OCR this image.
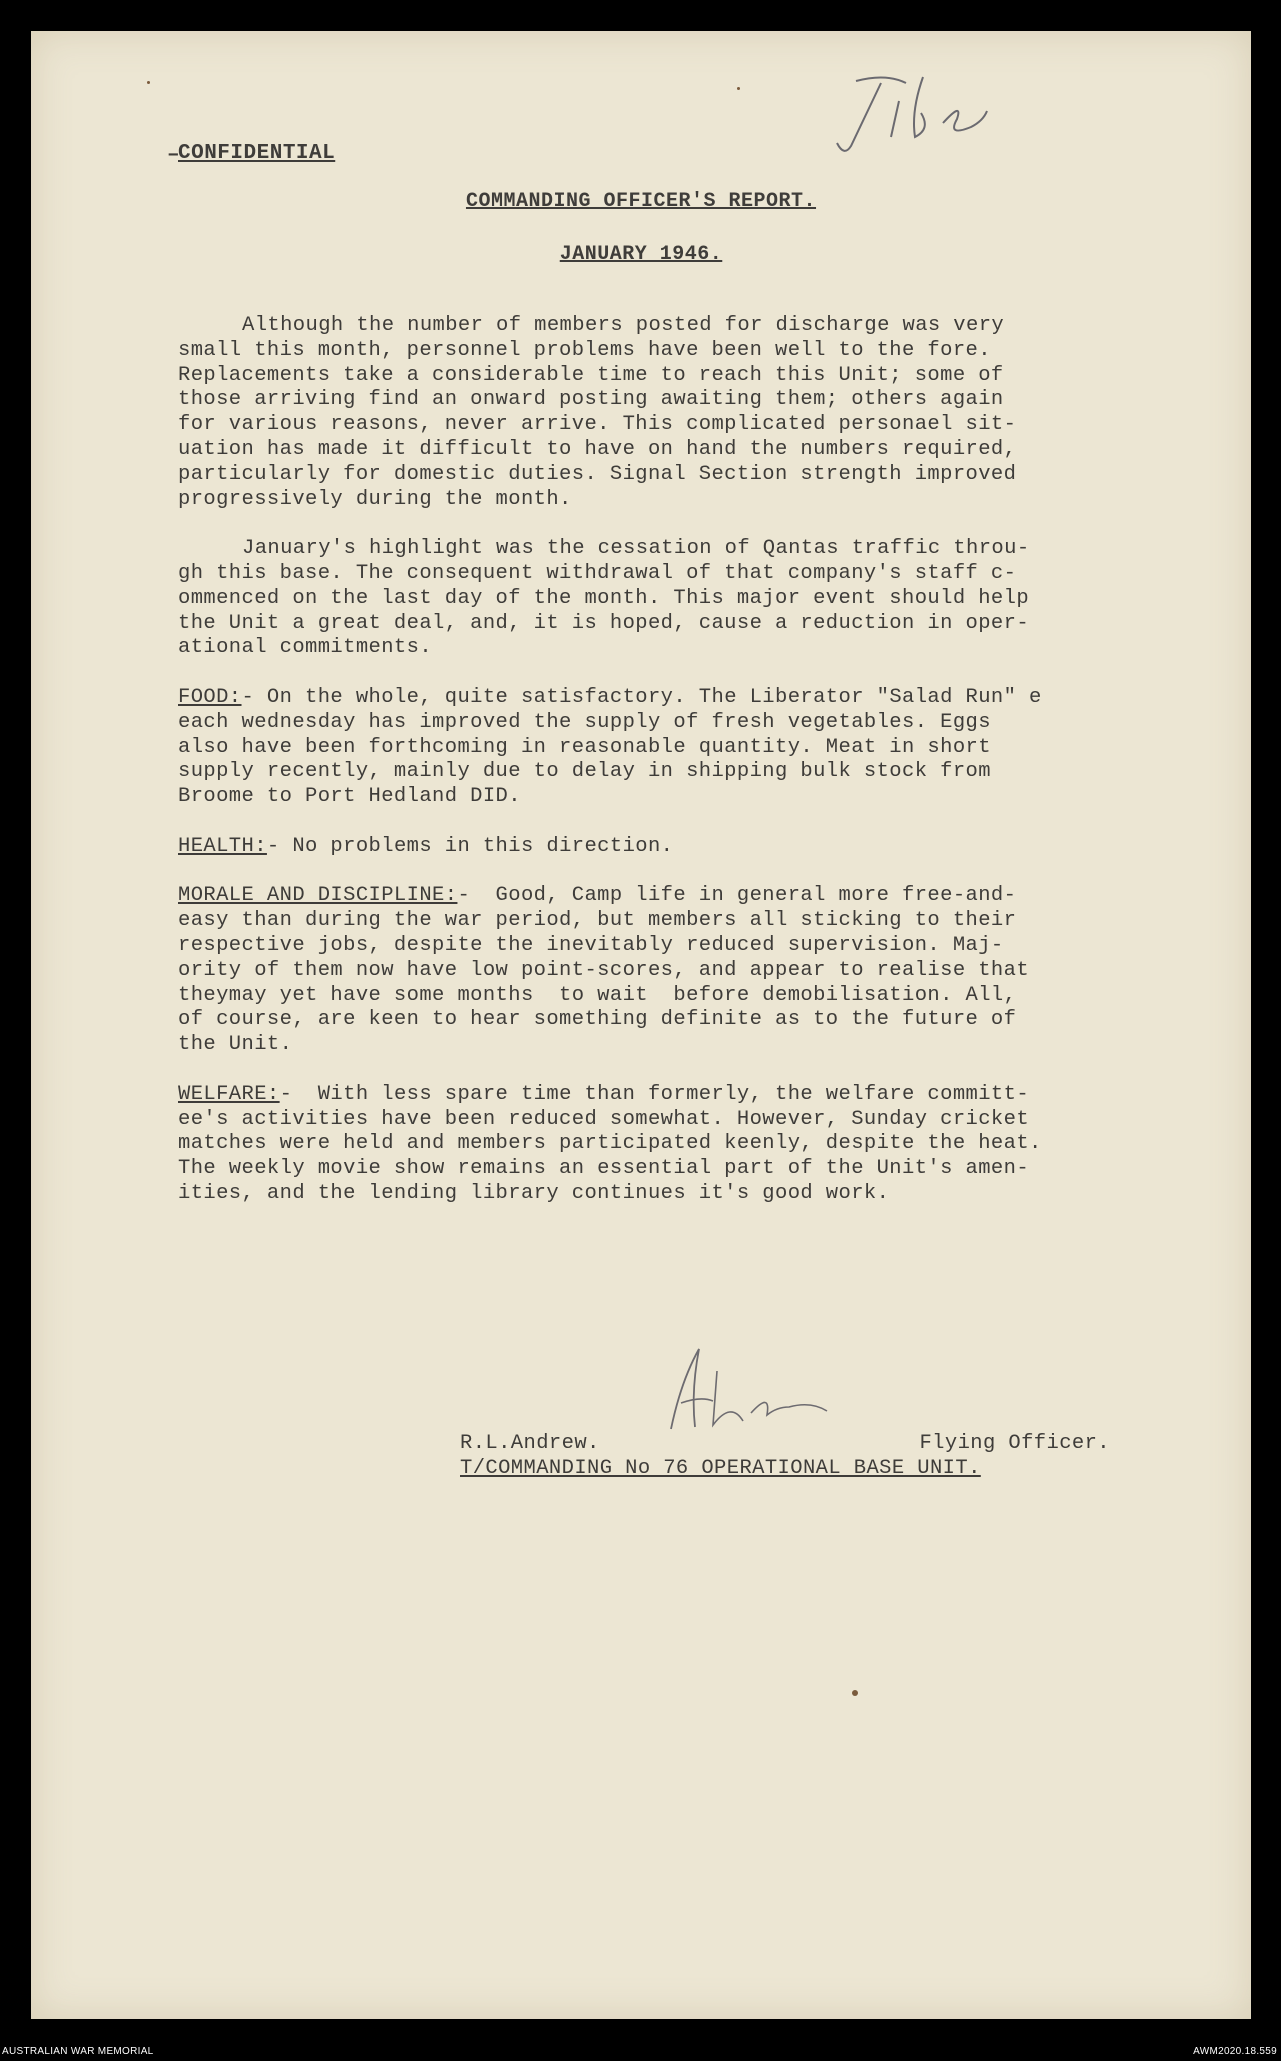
–
CONFIDENTIAL
COMMANDING OFFICER'S REPORT.
JANUARY 1946.

Although the number of members posted for discharge was very
small this month, personnel problems have been well to the fore.
Replacements take a considerable time to reach this Unit; some of
those arriving find an onward posting awaiting them; others again
for various reasons, never arrive. This complicated personael sit-
uation has made it difficult to have on hand the numbers required,
particularly for domestic duties. Signal Section strength improved
progressively during the month.

January's highlight was the cessation of Qantas traffic throu-
gh this base. The consequent withdrawal of that company's staff c-
ommenced on the last day of the month. This major event should help
the Unit a great deal, and, it is hoped, cause a reduction in oper-
ational commitments.

FOOD:- On the whole, quite satisfactory. The Liberator "Salad Run" e
each wednesday has improved the supply of fresh vegetables. Eggs
also have been forthcoming in reasonable quantity. Meat in short
supply recently, mainly due to delay in shipping bulk stock from
Broome to Port Hedland DID.

HEALTH:- No problems in this direction.

MORALE AND DISCIPLINE:-  Good, Camp life in general more free-and-
easy than during the war period, but members all sticking to their
respective jobs, despite the inevitably reduced supervision. Maj-
ority of them now have low point-scores, and appear to realise that
theymay yet have some months  to wait  before demobilisation. All,
of course, are keen to hear something definite as to the future of
the Unit.

WELFARE:-  With less spare time than formerly, the welfare committ-
ee's activities have been reduced somewhat. However, Sunday cricket
matches were held and members participated keenly, despite the heat.
The weekly movie show remains an essential part of the Unit's amen-
ities, and the lending library continues it's good work.

R.L.Andrew.	Flying Officer.
T/COMMANDING No 76 OPERATIONAL BASE UNIT.
AUSTRALIAN WAR MEMORIAL	AWM2020.18.559
